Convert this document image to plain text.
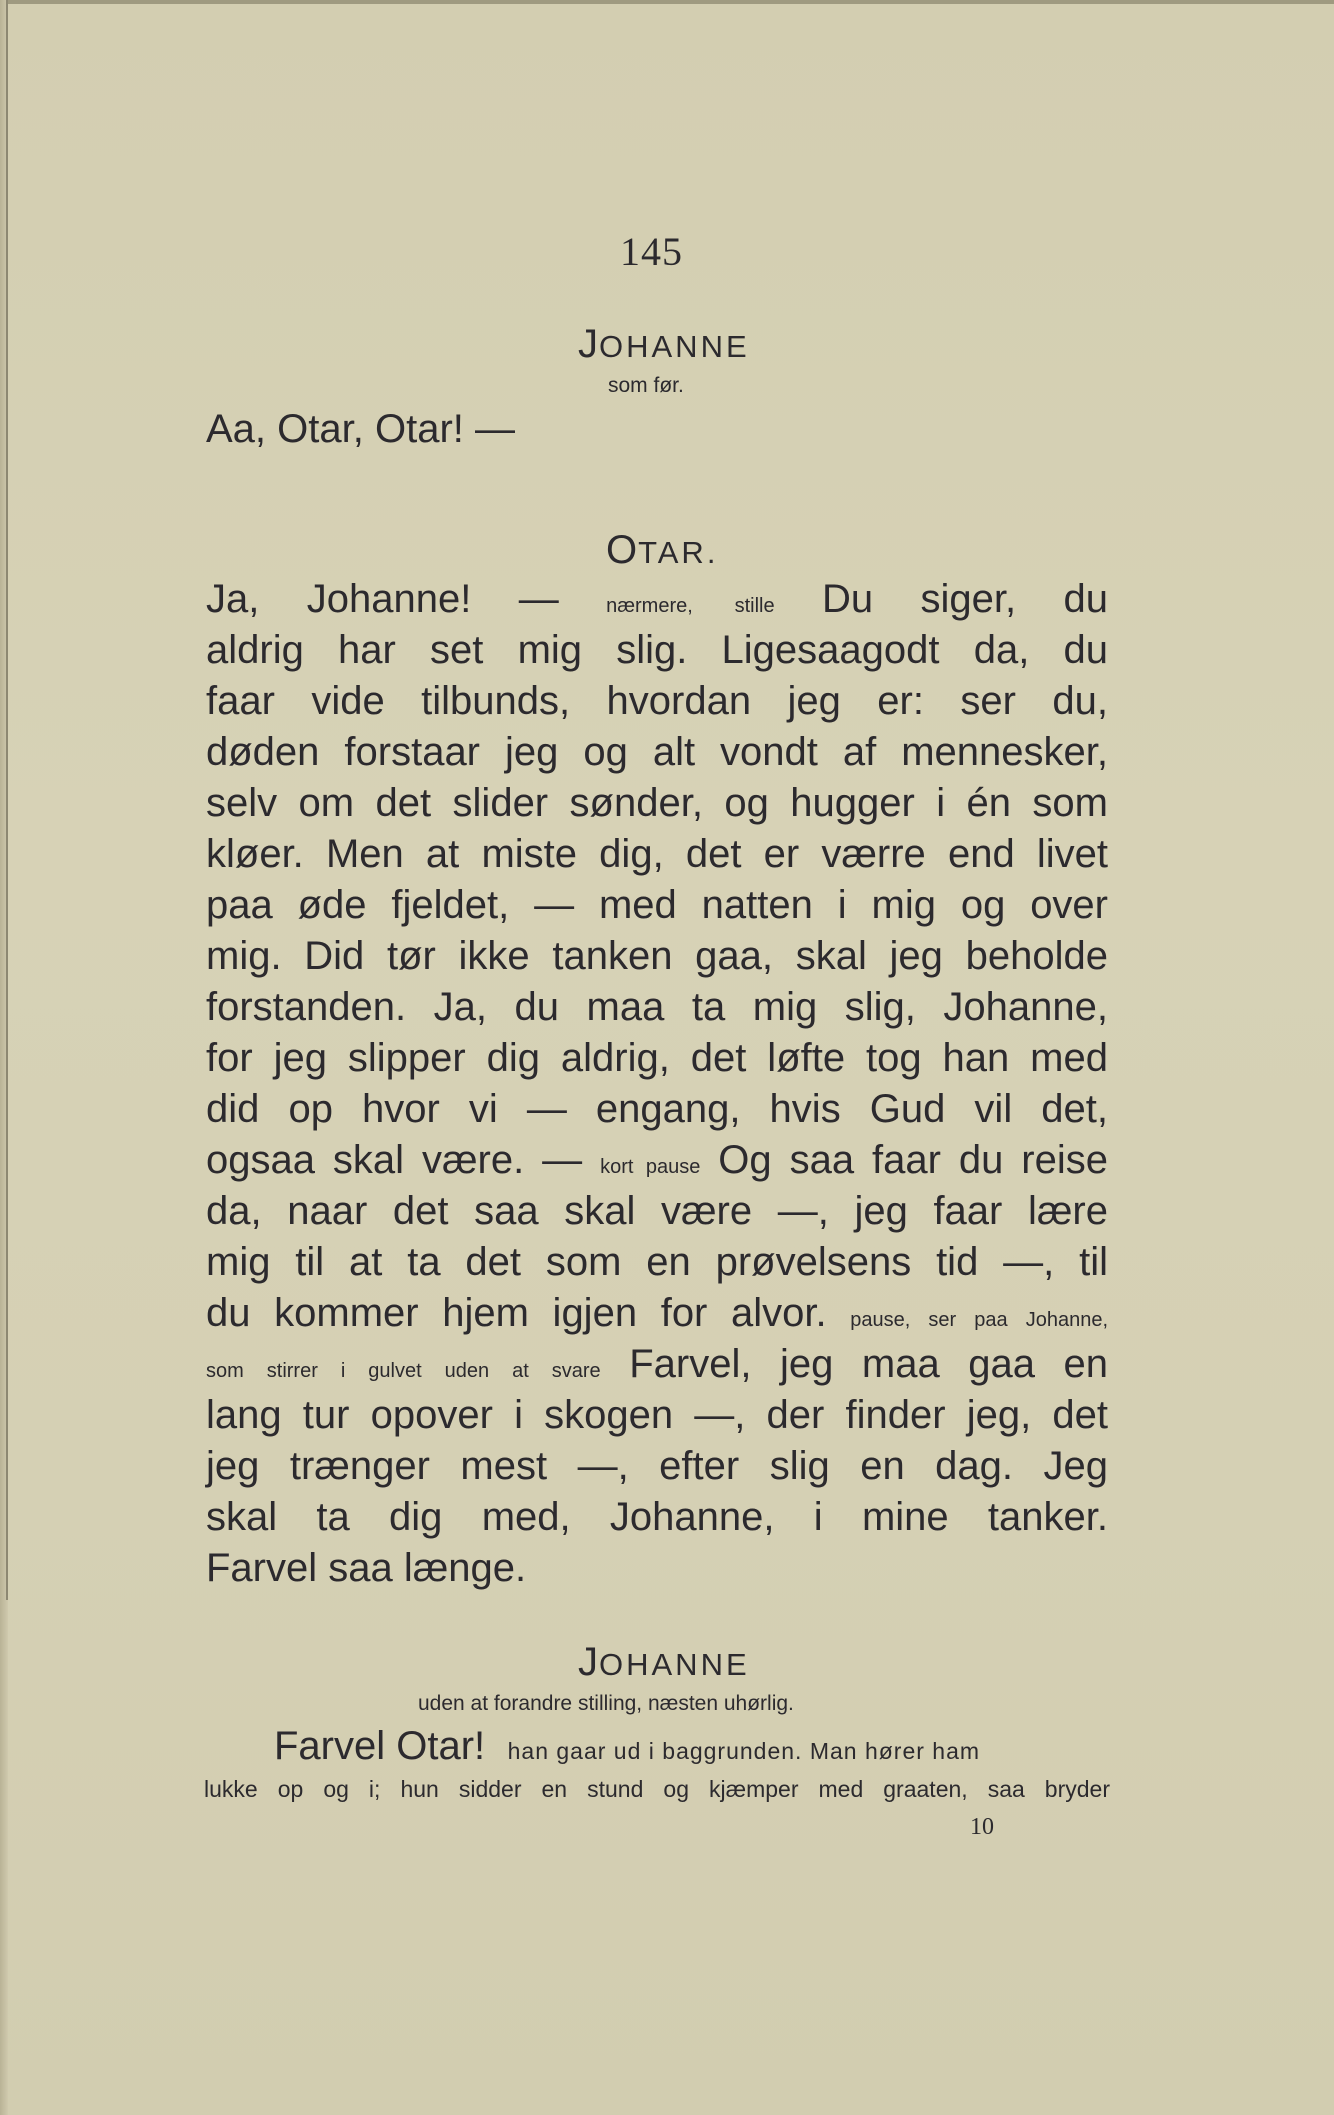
145
JOHANNE
som før.
Aa, Otar, Otar! —
OTAR.
Ja, Johanne! — nærmere, stille Du siger, du
aldrig har set mig slig. Ligesaagodt da, du
faar vide tilbunds, hvordan jeg er: ser du,
døden forstaar jeg og alt vondt af mennesker,
selv om det slider sønder, og hugger i én som
kløer. Men at miste dig, det er værre end livet
paa øde fjeldet, — med natten i mig og over
mig. Did tør ikke tanken gaa, skal jeg beholde
forstanden. Ja, du maa ta mig slig, Johanne,
for jeg slipper dig aldrig, det løfte tog han med
did op hvor vi — engang, hvis Gud vil det,
ogsaa skal være. — kort pause Og saa faar du reise
da, naar det saa skal være —, jeg faar lære
mig til at ta det som en prøvelsens tid —, til
du kommer hjem igjen for alvor. pause, ser paa Johanne,
som stirrer i gulvet uden at svare Farvel, jeg maa gaa en
lang tur opover i skogen —, der finder jeg, det
jeg trænger mest —, efter slig en dag. Jeg
skal ta dig med, Johanne, i mine tanker.
Farvel saa længe.
JOHANNE
uden at forandre stilling, næsten uhørlig.
Farvel Otar! han gaar ud i baggrunden. Man hører ham
lukke op og i; hun sidder en stund og kjæmper med graaten, saa bryder
10
